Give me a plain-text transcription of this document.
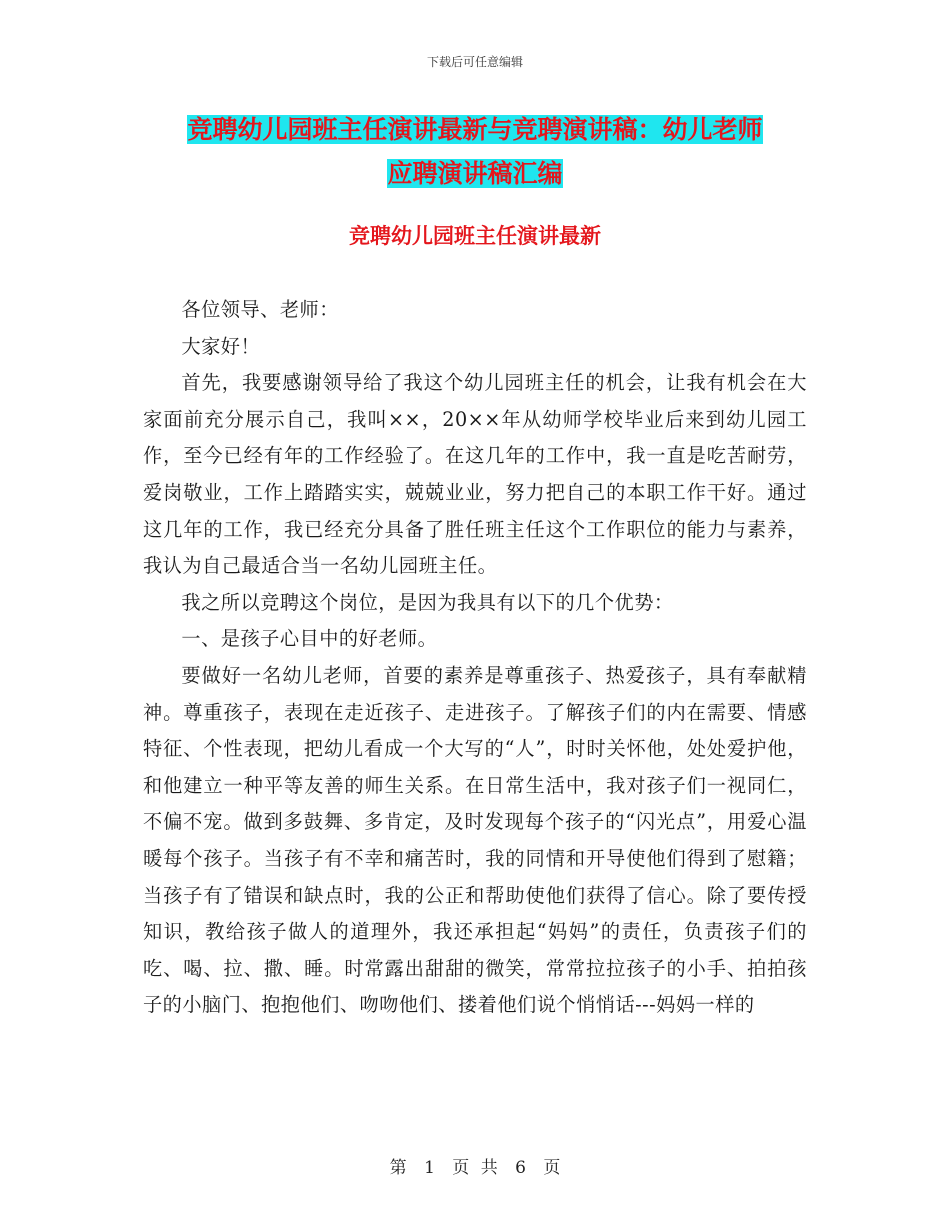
下载后可任意编辑
竞聘幼儿园班主任演讲最新与竞聘演讲稿：幼儿老师
应聘演讲稿汇编
竞聘幼儿园班主任演讲最新

各位领导、老师：

大家好！

首先，我要感谢领导给了我这个幼儿园班主任的机会，让我有机会在大家面前充分展示自己，我叫××，20××年从幼师学校毕业后来到幼儿园工作，至今已经有年的工作经验了。在这几年的工作中，我一直是吃苦耐劳，爱岗敬业，工作上踏踏实实，兢兢业业，努力把自己的本职工作干好。通过这几年的工作，我已经充分具备了胜任班主任这个工作职位的能力与素养，我认为自己最适合当一名幼儿园班主任。

我之所以竞聘这个岗位，是因为我具有以下的几个优势：

一、是孩子心目中的好老师。

要做好一名幼儿老师，首要的素养是尊重孩子、热爱孩子，具有奉献精神。尊重孩子，表现在走近孩子、走进孩子。了解孩子们的内在需要、情感特征、个性表现，把幼儿看成一个大写的“人”，时时关怀他，处处爱护他，和他建立一种平等友善的师生关系。在日常生活中，我对孩子们一视同仁，不偏不宠。做到多鼓舞、多肯定，及时发现每个孩子的“闪光点”，用爱心温暖每个孩子。当孩子有不幸和痛苦时，我的同情和开导使他们得到了慰籍；当孩子有了错误和缺点时，我的公正和帮助使他们获得了信心。除了要传授知识，教给孩子做人的道理外，我还承担起“妈妈”的责任，负责孩子们的吃、喝、拉、撒、睡。时常露出甜甜的微笑，常常拉拉孩子的小手、拍拍孩子的小脑门、抱抱他们、吻吻他们、搂着他们说个悄悄话---妈妈一样的

第 1 页 共 6 页
